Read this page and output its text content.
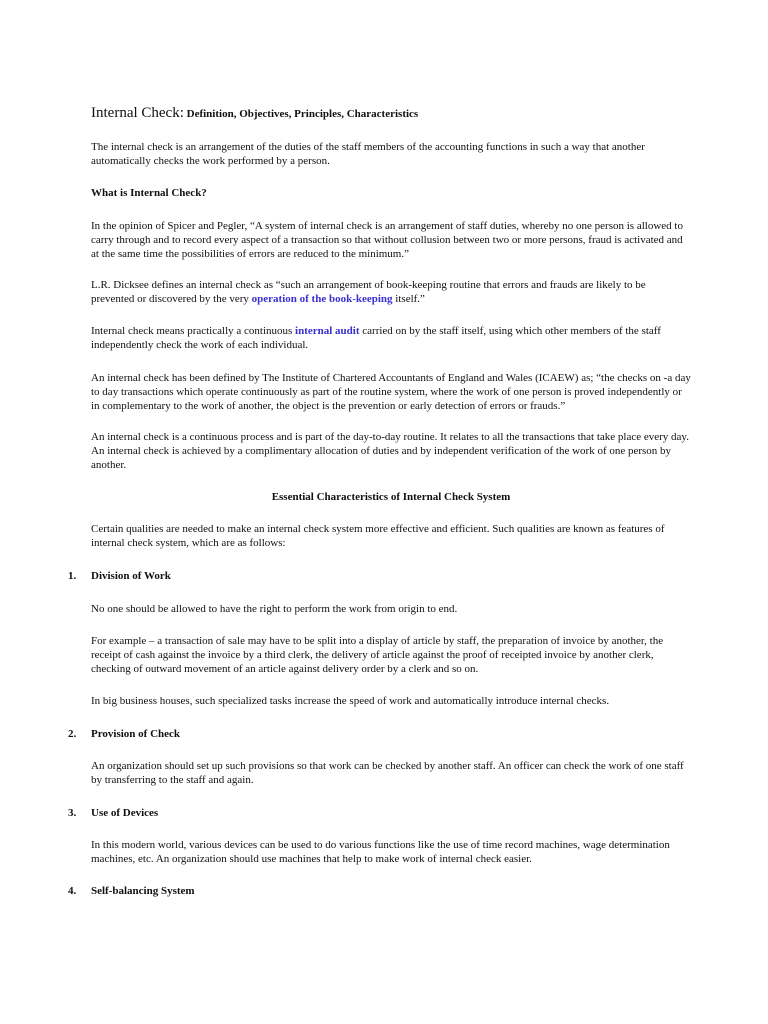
Internal Check: Definition, Objectives, Principles, Characteristics

The internal check is an arrangement of the duties of the staff members of the accounting functions in such a way that another automatically checks the work performed by a person.

What is Internal Check?

In the opinion of Spicer and Pegler, “A system of internal check is an arrangement of staff duties, whereby no one person is allowed to carry through and to record every aspect of a transaction so that without collusion between two or more persons, fraud is activated and at the same time the possibilities of errors are reduced to the minimum.”

L.R. Dicksee defines an internal check as “such an arrangement of book-keeping routine that errors and frauds are likely to be prevented or discovered by the very operation of the book-keeping itself.”

Internal check means practically a continuous internal audit carried on by the staff itself, using which other members of the staff independently check the work of each individual.

An internal check has been defined by The Institute of Chartered Accountants of England and Wales (ICAEW) as; “the checks on -a day to day transactions which operate continuously as part of the routine system, where the work of one person is proved independently or in complementary to the work of another, the object is the prevention or early detection of errors or frauds.”

An internal check is a continuous process and is part of the day-to-day routine. It relates to all the transactions that take place every day. An internal check is achieved by a complimentary allocation of duties and by independent verification of the work of one person by another.

Essential Characteristics of Internal Check System

Certain qualities are needed to make an internal check system more effective and efficient. Such qualities are known as features of internal check system, which are as follows:

1. Division of Work

No one should be allowed to have the right to perform the work from origin to end.

For example – a transaction of sale may have to be split into a display of article by staff, the preparation of invoice by another, the receipt of cash against the invoice by a third clerk, the delivery of article against the proof of receipted invoice by another clerk, checking of outward movement of an article against delivery order by a clerk and so on.

In big business houses, such specialized tasks increase the speed of work and automatically introduce internal checks.

2. Provision of Check

An organization should set up such provisions so that work can be checked by another staff. An officer can check the work of one staff by transferring to the staff and again.

3. Use of Devices

In this modern world, various devices can be used to do various functions like the use of time record machines, wage determination machines, etc. An organization should use machines that help to make work of internal check easier.

4. Self-balancing System
